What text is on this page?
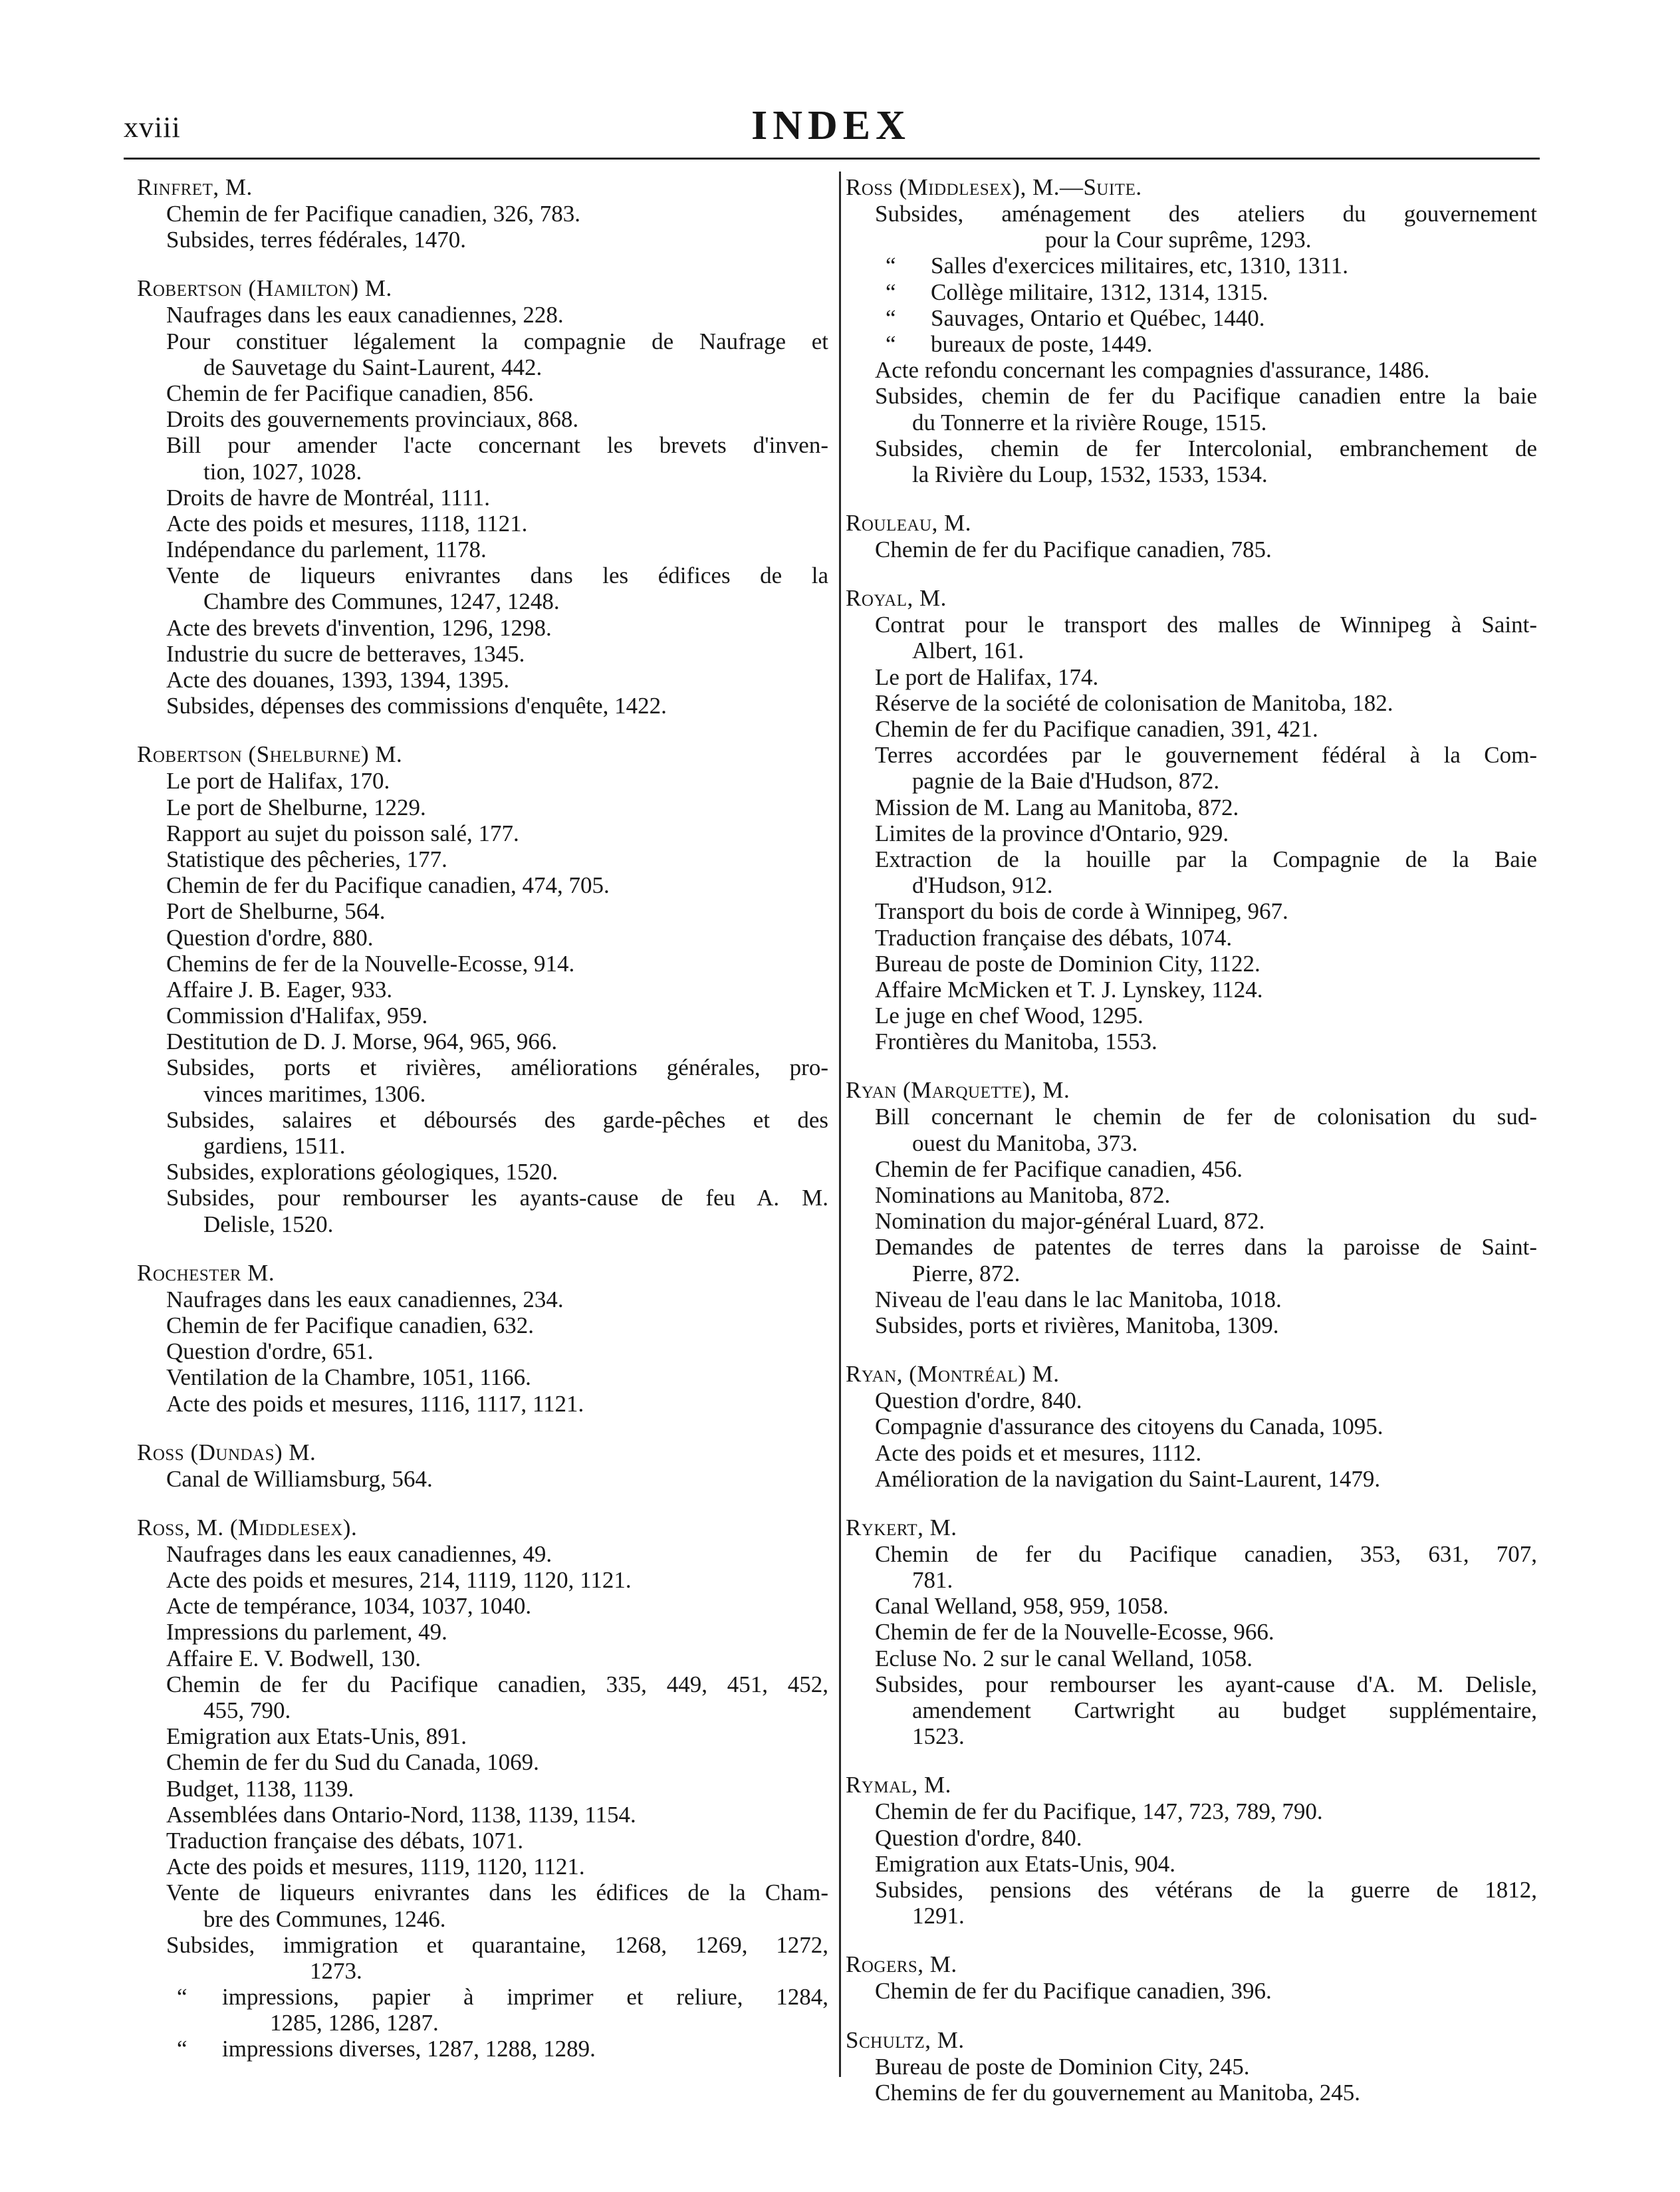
xviii	INDEX
Rinfret, M.
Chemin de fer Pacifique canadien, 326, 783.
Subsides, terres fédérales, 1470.
Robertson (Hamilton) M.
Naufrages dans les eaux canadiennes, 228.
Pour constituer légalement la compagnie de Naufrage et
de Sauvetage du Saint-Laurent, 442.
Chemin de fer Pacifique canadien, 856.
Droits des gouvernements provinciaux, 868.
Bill pour amender l'acte concernant les brevets d'inven-
tion, 1027, 1028.
Droits de havre de Montréal, 1111.
Acte des poids et mesures, 1118, 1121.
Indépendance du parlement, 1178.
Vente de liqueurs enivrantes dans les édifices de la
Chambre des Communes, 1247, 1248.
Acte des brevets d'invention, 1296, 1298.
Industrie du sucre de betteraves, 1345.
Acte des douanes, 1393, 1394, 1395.
Subsides, dépenses des commissions d'enquête, 1422.
Robertson (Shelburne) M.
Le port de Halifax, 170.
Le port de Shelburne, 1229.
Rapport au sujet du poisson salé, 177.
Statistique des pêcheries, 177.
Chemin de fer du Pacifique canadien, 474, 705.
Port de Shelburne, 564.
Question d'ordre, 880.
Chemins de fer de la Nouvelle-Ecosse, 914.
Affaire J. B. Eager, 933.
Commission d'Halifax, 959.
Destitution de D. J. Morse, 964, 965, 966.
Subsides, ports et rivières, améliorations générales, pro-
vinces maritimes, 1306.
Subsides, salaires et déboursés des garde-pêches et des
gardiens, 1511.
Subsides, explorations géologiques, 1520.
Subsides, pour rembourser les ayants-cause de feu A. M.
Delisle, 1520.
Rochester M.
Naufrages dans les eaux canadiennes, 234.
Chemin de fer Pacifique canadien, 632.
Question d'ordre, 651.
Ventilation de la Chambre, 1051, 1166.
Acte des poids et mesures, 1116, 1117, 1121.
Ross (Dundas) M.
Canal de Williamsburg, 564.
Ross, M. (Middlesex).
Naufrages dans les eaux canadiennes, 49.
Acte des poids et mesures, 214, 1119, 1120, 1121.
Acte de tempérance, 1034, 1037, 1040.
Impressions du parlement, 49.
Affaire E. V. Bodwell, 130.
Chemin de fer du Pacifique canadien, 335, 449, 451, 452,
455, 790.
Emigration aux Etats-Unis, 891.
Chemin de fer du Sud du Canada, 1069.
Budget, 1138, 1139.
Assemblées dans Ontario-Nord, 1138, 1139, 1154.
Traduction française des débats, 1071.
Acte des poids et mesures, 1119, 1120, 1121.
Vente de liqueurs enivrantes dans les édifices de la Cham-
bre des Communes, 1246.
Subsides, immigration et quarantaine, 1268, 1269, 1272,
1273.
“ impressions, papier à imprimer et reliure, 1284,
1285, 1286, 1287.
“ impressions diverses, 1287, 1288, 1289.
Ross (Middlesex), M.—Suite.
Subsides, aménagement des ateliers du gouvernement
pour la Cour suprême, 1293.
“ Salles d'exercices militaires, etc, 1310, 1311.
“ Collège militaire, 1312, 1314, 1315.
“ Sauvages, Ontario et Québec, 1440.
“ bureaux de poste, 1449.
Acte refondu concernant les compagnies d'assurance, 1486.
Subsides, chemin de fer du Pacifique canadien entre la baie
du Tonnerre et la rivière Rouge, 1515.
Subsides, chemin de fer Intercolonial, embranchement de
la Rivière du Loup, 1532, 1533, 1534.
Rouleau, M.
Chemin de fer du Pacifique canadien, 785.
Royal, M.
Contrat pour le transport des malles de Winnipeg à Saint-
Albert, 161.
Le port de Halifax, 174.
Réserve de la société de colonisation de Manitoba, 182.
Chemin de fer du Pacifique canadien, 391, 421.
Terres accordées par le gouvernement fédéral à la Com-
pagnie de la Baie d'Hudson, 872.
Mission de M. Lang au Manitoba, 872.
Limites de la province d'Ontario, 929.
Extraction de la houille par la Compagnie de la Baie
d'Hudson, 912.
Transport du bois de corde à Winnipeg, 967.
Traduction française des débats, 1074.
Bureau de poste de Dominion City, 1122.
Affaire McMicken et T. J. Lynskey, 1124.
Le juge en chef Wood, 1295.
Frontières du Manitoba, 1553.
Ryan (Marquette), M.
Bill concernant le chemin de fer de colonisation du sud-
ouest du Manitoba, 373.
Chemin de fer Pacifique canadien, 456.
Nominations au Manitoba, 872.
Nomination du major-général Luard, 872.
Demandes de patentes de terres dans la paroisse de Saint-
Pierre, 872.
Niveau de l'eau dans le lac Manitoba, 1018.
Subsides, ports et rivières, Manitoba, 1309.
Ryan, (Montréal) M.
Question d'ordre, 840.
Compagnie d'assurance des citoyens du Canada, 1095.
Acte des poids et et mesures, 1112.
Amélioration de la navigation du Saint-Laurent, 1479.
Rykert, M.
Chemin de fer du Pacifique canadien, 353, 631, 707,
781.
Canal Welland, 958, 959, 1058.
Chemin de fer de la Nouvelle-Ecosse, 966.
Ecluse No. 2 sur le canal Welland, 1058.
Subsides, pour rembourser les ayant-cause d'A. M. Delisle,
amendement Cartwright au budget supplémentaire,
1523.
Rymal, M.
Chemin de fer du Pacifique, 147, 723, 789, 790.
Question d'ordre, 840.
Emigration aux Etats-Unis, 904.
Subsides, pensions des vétérans de la guerre de 1812,
1291.
Rogers, M.
Chemin de fer du Pacifique canadien, 396.
Schultz, M.
Bureau de poste de Dominion City, 245.
Chemins de fer du gouvernement au Manitoba, 245.
